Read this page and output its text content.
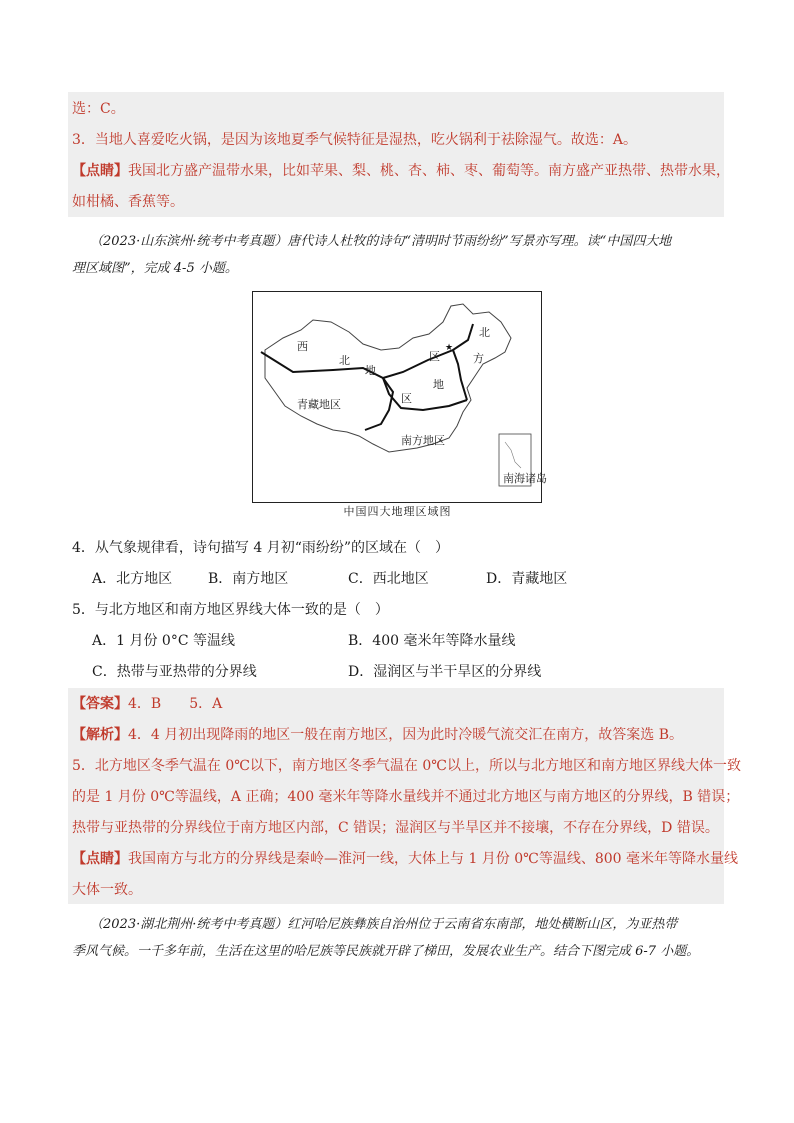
选：C。
3．当地人喜爱吃火锅，是因为该地夏季气候特征是湿热，吃火锅利于祛除湿气。故选：A。
【点睛】我国北方盛产温带水果，比如苹果、梨、桃、杏、柿、枣、葡萄等。南方盛产亚热带、热带水果，
如柑橘、香蕉等。
（2023·山东滨州·统考中考真题）唐代诗人杜牧的诗句“清明时节雨纷纷”写景亦写理。读“中国四大地
理区域图”，完成 4-5 小题。
南海诸岛
★
西
北
地
区
北
方
地
区
青藏地区
南方地区
中国四大地理区域图
4．从气象规律看，诗句描写 4 月初“雨纷纷”的区域在（　）
A．北方地区	B．南方地区	C．西北地区	D．青藏地区
5．与北方地区和南方地区界线大体一致的是（　）
A．1 月份 0°C 等温线	B．400 毫米年等降水量线
C．热带与亚热带的分界线	D．湿润区与半干旱区的分界线
【答案】4．B　　5．A
【解析】4．4 月初出现降雨的地区一般在南方地区，因为此时冷暖气流交汇在南方，故答案选 B。
5．北方地区冬季气温在 0℃以下，南方地区冬季气温在 0℃以上，所以与北方地区和南方地区界线大体一致
的是 1 月份 0℃等温线，A 正确；400 毫米年等降水量线并不通过北方地区与南方地区的分界线，B 错误；
热带与亚热带的分界线位于南方地区内部，C 错误；湿润区与半旱区并不接壤，不存在分界线，D 错误。
【点睛】我国南方与北方的分界线是秦岭—淮河一线，大体上与 1 月份 0℃等温线、800 毫米年等降水量线
大体一致。
（2023·湖北荆州·统考中考真题）红河哈尼族彝族自治州位于云南省东南部，地处横断山区，为亚热带
季风气候。一千多年前，生活在这里的哈尼族等民族就开辟了梯田，发展农业生产。结合下图完成 6-7 小题。
